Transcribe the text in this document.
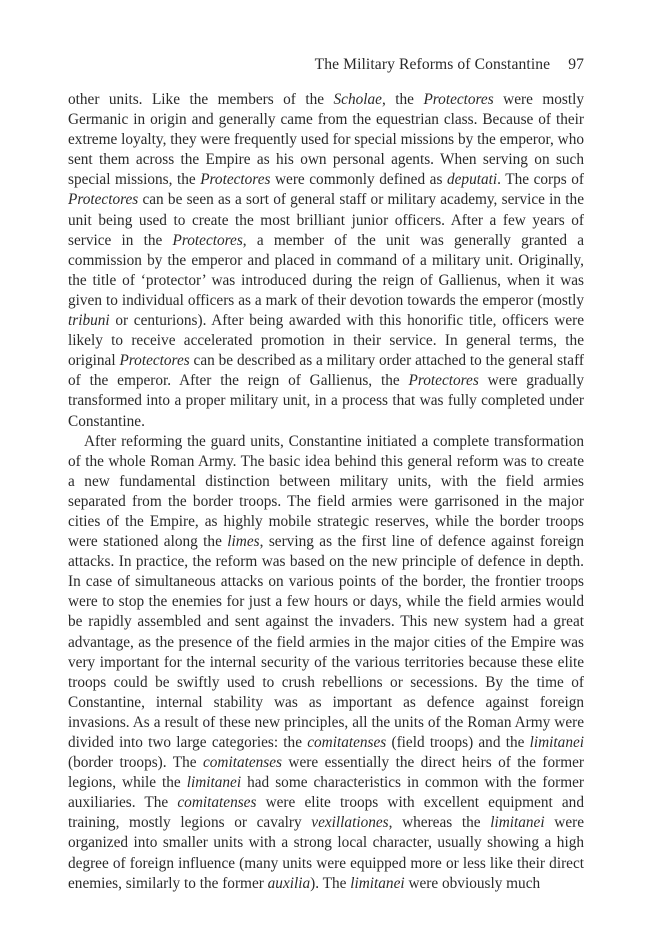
The Military Reforms of Constantine 97

other units. Like the members of the Scholae, the Protectores were mostly Germanic in origin and generally came from the equestrian class. Because of their extreme loyalty, they were frequently used for special missions by the emperor, who sent them across the Empire as his own personal agents. When serving on such special missions, the Protectores were commonly defined as deputati. The corps of Protectores can be seen as a sort of general staff or military academy, service in the unit being used to create the most brilliant junior officers. After a few years of service in the Protectores, a member of the unit was generally granted a commission by the emperor and placed in command of a military unit. Originally, the title of ‘protector’ was introduced during the reign of Gallienus, when it was given to individual officers as a mark of their devotion towards the emperor (mostly tribuni or centurions). After being awarded with this honorific title, officers were likely to receive accelerated promotion in their service. In general terms, the original Protectores can be described as a military order attached to the general staff of the emperor. After the reign of Gallienus, the Protectores were gradually transformed into a proper military unit, in a process that was fully completed under Constantine.

After reforming the guard units, Constantine initiated a complete transformation of the whole Roman Army. The basic idea behind this general reform was to create a new fundamental distinction between military units, with the field armies separated from the border troops. The field armies were garrisoned in the major cities of the Empire, as highly mobile strategic reserves, while the border troops were stationed along the limes, serving as the first line of defence against foreign attacks. In practice, the reform was based on the new principle of defence in depth. In case of simultaneous attacks on various points of the border, the frontier troops were to stop the enemies for just a few hours or days, while the field armies would be rapidly assembled and sent against the invaders. This new system had a great advantage, as the presence of the field armies in the major cities of the Empire was very important for the internal security of the various territories because these elite troops could be swiftly used to crush rebellions or secessions. By the time of Constantine, internal stability was as important as defence against foreign invasions. As a result of these new principles, all the units of the Roman Army were divided into two large categories: the comitatenses (field troops) and the limitanei (border troops). The comitatenses were essentially the direct heirs of the former legions, while the limitanei had some characteristics in common with the former auxiliaries. The comitatenses were elite troops with excellent equipment and training, mostly legions or cavalry vexillationes, whereas the limitanei were organized into smaller units with a strong local character, usually showing a high degree of foreign influence (many units were equipped more or less like their direct enemies, similarly to the former auxilia). The limitanei were obviously much
